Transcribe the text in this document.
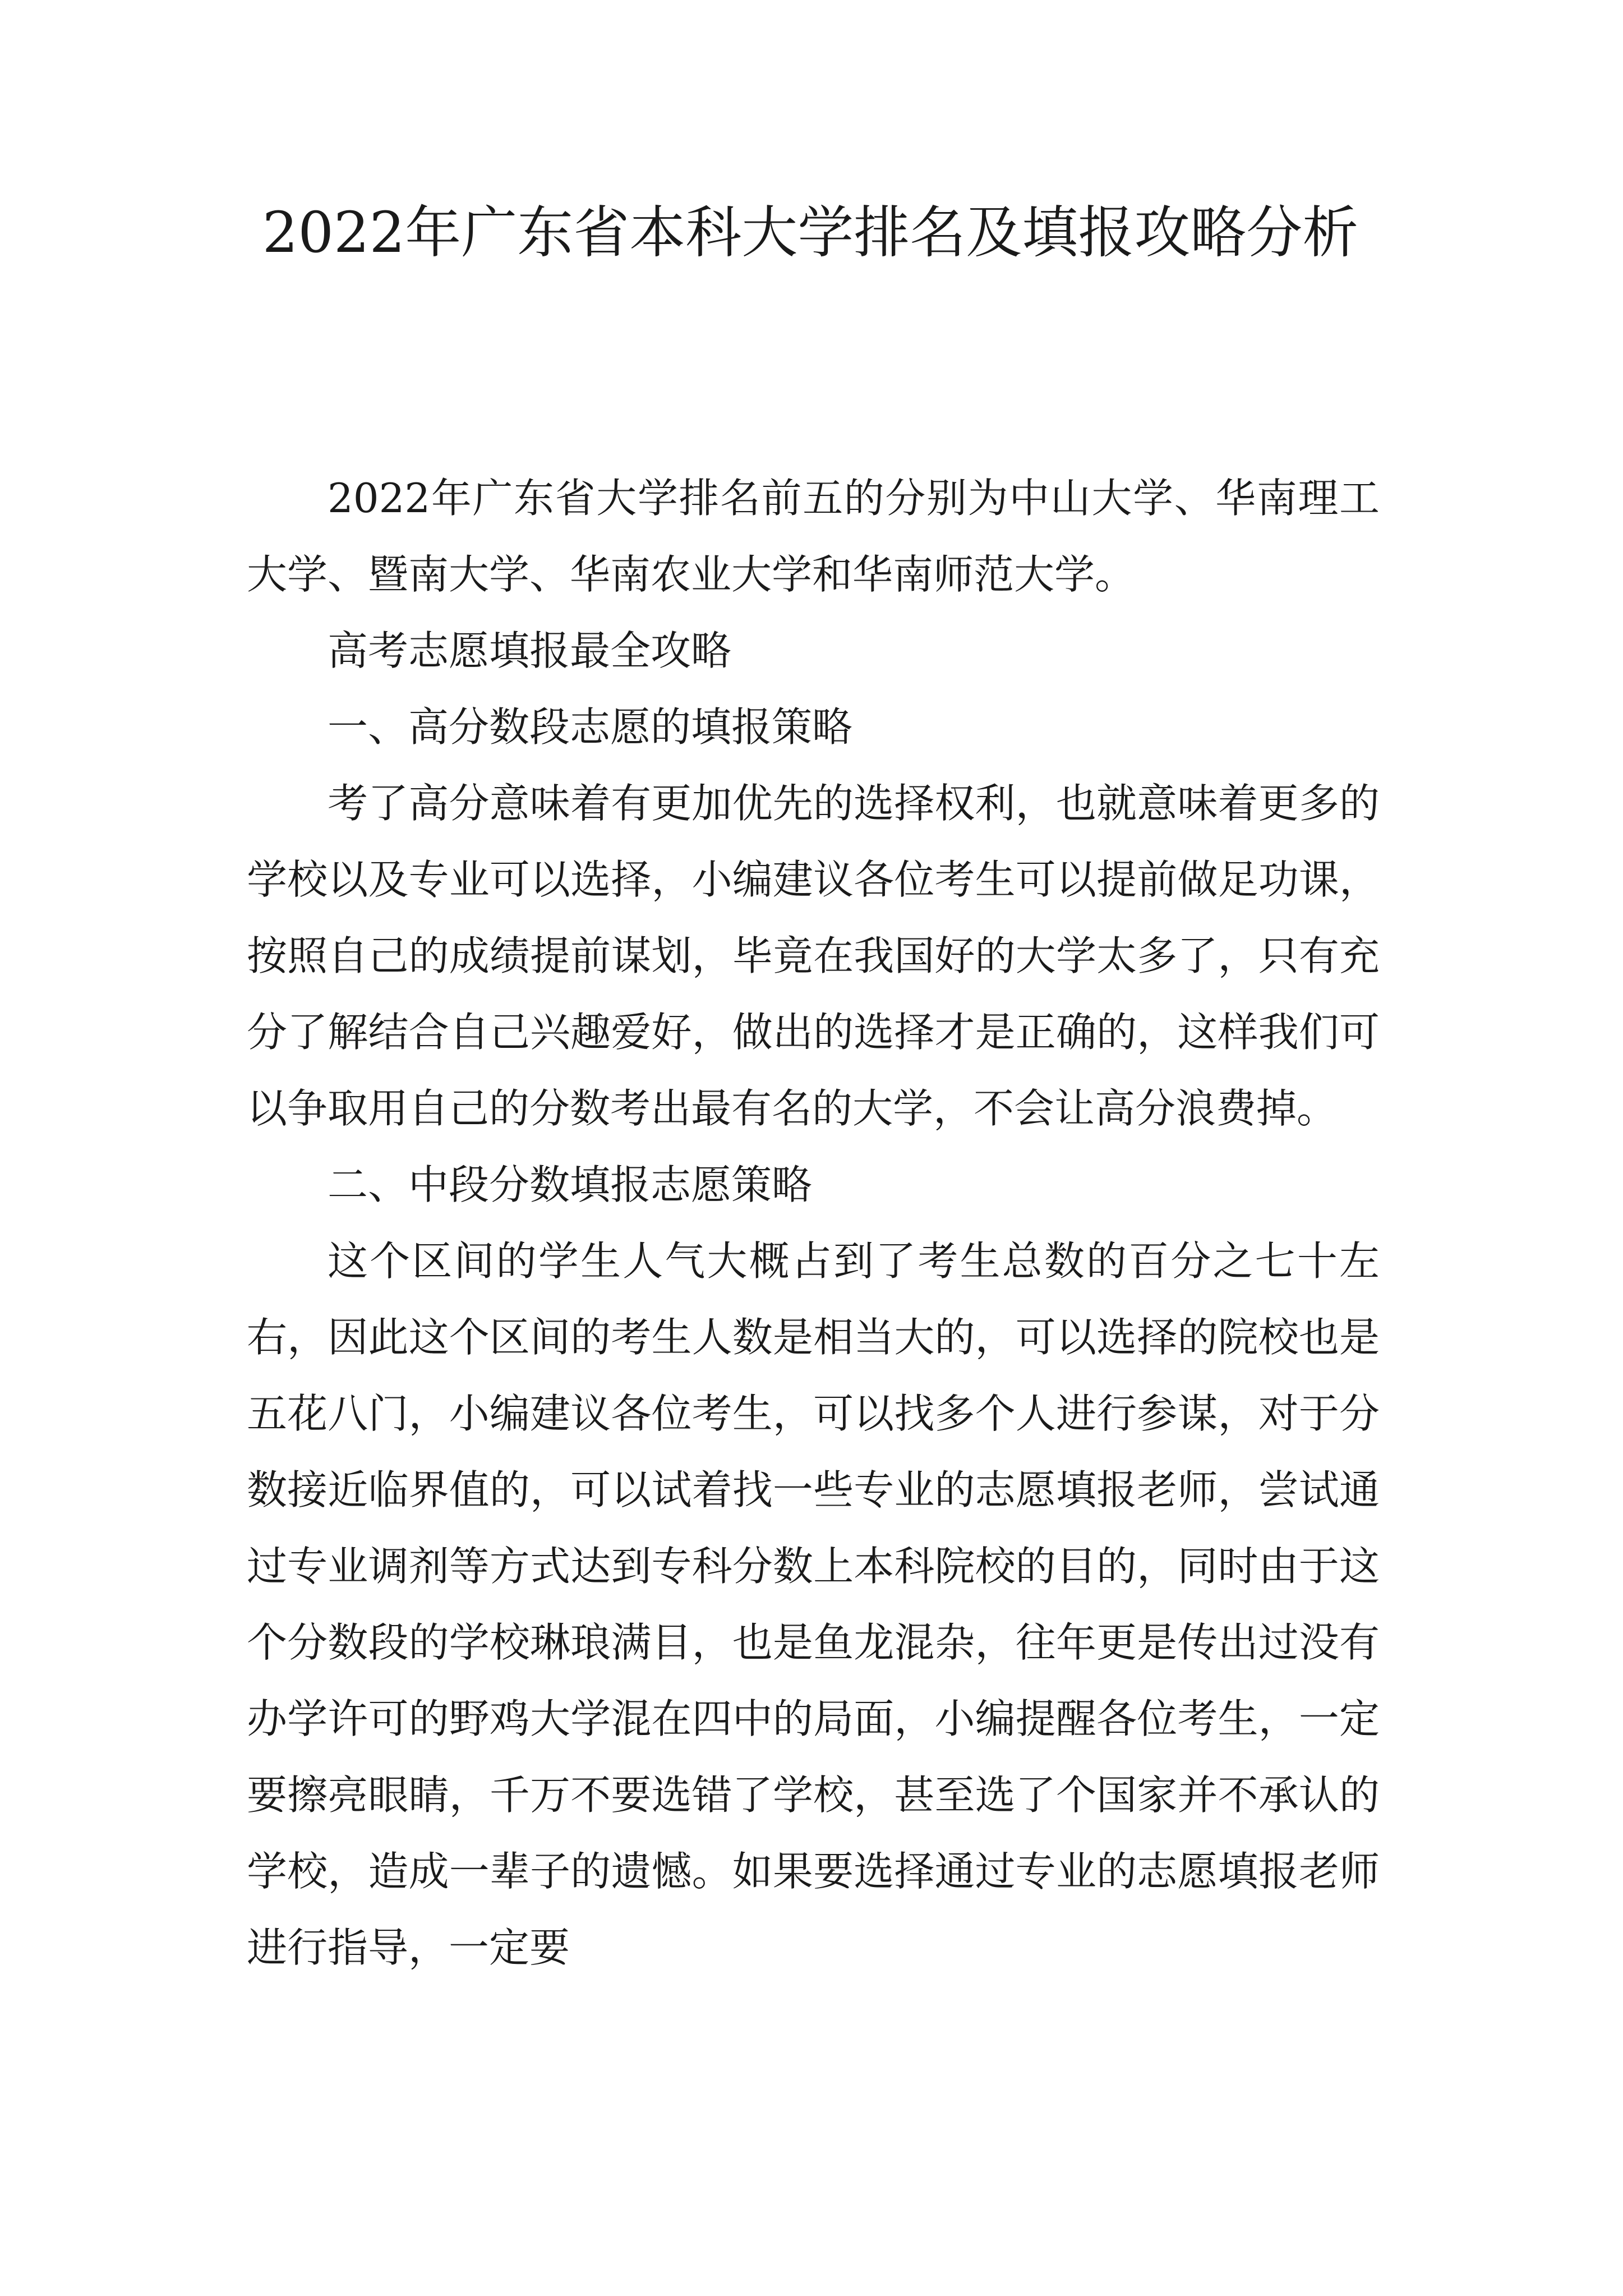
2022年广东省本科大学排名及填报攻略分析

2022年广东省大学排名前五的分别为中山大学、华南理工大学、暨南大学、华南农业大学和华南师范大学。

高考志愿填报最全攻略

一、高分数段志愿的填报策略

考了高分意味着有更加优先的选择权利，也就意味着更多的学校以及专业可以选择，小编建议各位考生可以提前做足功课，按照自己的成绩提前谋划，毕竟在我国好的大学太多了，只有充分了解结合自己兴趣爱好，做出的选择才是正确的，这样我们可以争取用自己的分数考出最有名的大学，不会让高分浪费掉。

二、中段分数填报志愿策略

这个区间的学生人气大概占到了考生总数的百分之七十左右，因此这个区间的考生人数是相当大的，可以选择的院校也是五花八门，小编建议各位考生，可以找多个人进行参谋，对于分数接近临界值的，可以试着找一些专业的志愿填报老师，尝试通过专业调剂等方式达到专科分数上本科院校的目的，同时由于这个分数段的学校琳琅满目，也是鱼龙混杂，往年更是传出过没有办学许可的野鸡大学混在四中的局面，小编提醒各位考生，一定要擦亮眼睛，千万不要选错了学校，甚至选了个国家并不承认的学校，造成一辈子的遗憾。如果要选择通过专业的志愿填报老师进行指导，一定要
